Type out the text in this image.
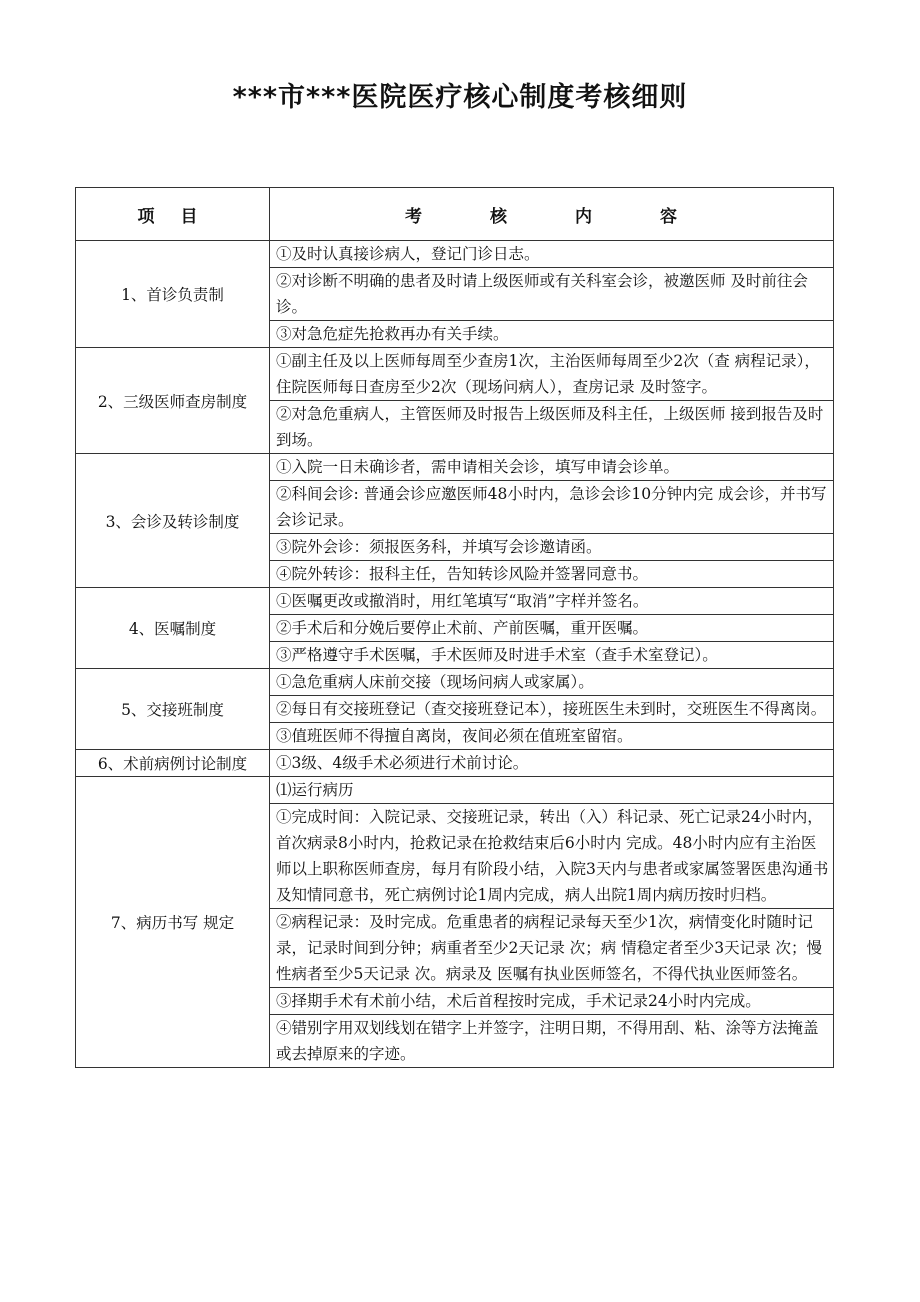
***市***医院医疗核心制度考核细则
项 目	考 核 内 容
1、首诊负责制	①及时认真接诊病人，登记门诊日志。
	②对诊断不明确的患者及时请上级医师或有关科室会诊，被邀医师 及时前往会诊。
	③对急危症先抢救再办有关手续。
2、三级医师查房制度	①副主任及以上医师每周至少查房1次，主治医师每周至少2次（查 病程记录），住院医师每日查房至少2次（现场问病人），查房记录 及时签字。
	②对急危重病人，主管医师及时报告上级医师及科主任，上级医师 接到报告及时到场。
3、会诊及转诊制度	①入院一日未确诊者，需申请相关会诊，填写申请会诊单。
	②科间会诊: 普通会诊应邀医师48小时内，急诊会诊10分钟内完 成会诊，并书写会诊记录。
	③院外会诊：须报医务科，并填写会诊邀请函。
	④院外转诊：报科主任，告知转诊风险并签署同意书。
4、医嘱制度	①医嘱更改或撤消时，用红笔填写“取消”字样并签名。
	②手术后和分娩后要停止术前、产前医嘱，重开医嘱。
	③严格遵守手术医嘱，手术医师及时进手术室（查手术室登记）。
5、交接班制度	①急危重病人床前交接（现场问病人或家属）。
	②每日有交接班登记（查交接班登记本），接班医生未到时，交班医生不得离岗。
	③值班医师不得擅自离岗，夜间必须在值班室留宿。
6、术前病例讨论制度	①3级、4级手术必须进行术前讨论。
7、病历书写 规定	⑴运行病历
	①完成时间：入院记录、交接班记录，转出（入）科记录、死亡记录24小时内，首次病录8小时内，抢救记录在抢救结束后6小时内 完成。48小时内应有主治医师以上职称医师查房，每月有阶段小结，入院3天内与患者或家属签署医患沟通书及知情同意书，死亡病例讨论1周内完成，病人出院1周内病历按时归档。
	②病程记录：及时完成。危重患者的病程记录每天至少1次，病情变化时随时记录，记录时间到分钟；病重者至少2天记录 次；病 情稳定者至少3天记录 次；慢性病者至少5天记录 次。病录及 医嘱有执业医师签名，不得代执业医师签名。
	③择期手术有术前小结，术后首程按时完成，手术记录24小时内完成。
	④错别字用双划线划在错字上并签字，注明日期，不得用刮、粘、涂等方法掩盖或去掉原来的字迹。
